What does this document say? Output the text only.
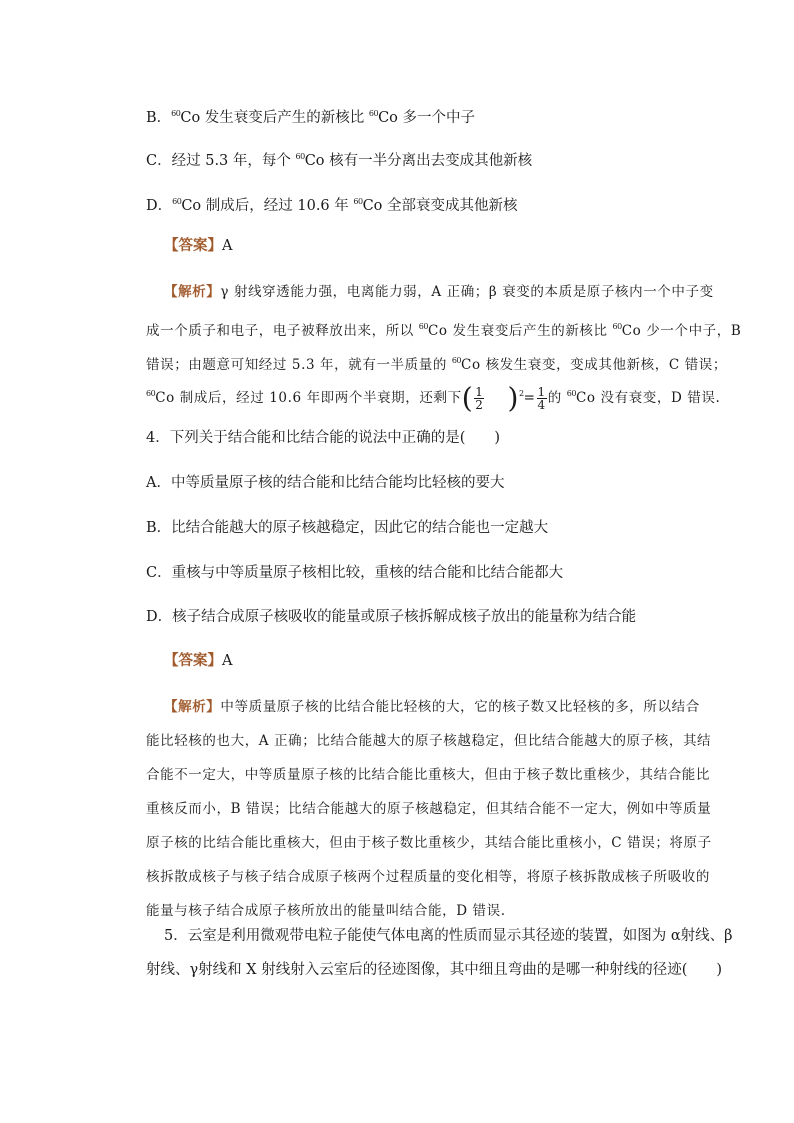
B．$^{60}$Co 发生衰变后产生的新核比 $^{60}$Co 多一个中子
C．经过 5.3 年，每个 $^{60}$Co 核有一半分离出去变成其他新核
D．$^{60}$Co 制成后，经过 10.6 年 $^{60}$Co 全部衰变成其他新核
【答案】A
【解析】γ 射线穿透能力强，电离能力弱，A 正确；β 衰变的本质是原子核内一个中子变
成一个质子和电子，电子被释放出来，所以 $^{60}$Co 发生衰变后产生的新核比 $^{60}$Co 少一个中子，B
错误；由题意可知经过 5.3 年，就有一半质量的 $^{60}$Co 核发生衰变，变成其他新核，C 错误；
$^{60}$Co 制成后，经过 10.6 年即两个半衰期，还剩下( $\frac{1}{2} )^2= \frac{1}{4}$ 的 $^{60}$Co 没有衰变，D 错误.
4．下列关于结合能和比结合能的说法中正确的是(　　)
A．中等质量原子核的结合能和比结合能均比轻核的要大
B．比结合能越大的原子核越稳定，因此它的结合能也一定越大
C．重核与中等质量原子核相比较，重核的结合能和比结合能都大
D．核子结合成原子核吸收的能量或原子核拆解成核子放出的能量称为结合能
【答案】A
【解析】中等质量原子核的比结合能比轻核的大，它的核子数又比轻核的多，所以结合
能比轻核的也大，A 正确；比结合能越大的原子核越稳定，但比结合能越大的原子核，其结
合能不一定大，中等质量原子核的比结合能比重核大，但由于核子数比重核少，其结合能比
重核反而小，B 错误；比结合能越大的原子核越稳定，但其结合能不一定大，例如中等质量
原子核的比结合能比重核大，但由于核子数比重核少，其结合能比重核小，C 错误；将原子
核拆散成核子与核子结合成原子核两个过程质量的变化相等，将原子核拆散成核子所吸收的
能量与核子结合成原子核所放出的能量叫结合能，D 错误.
5．云室是利用微观带电粒子能使气体电离的性质而显示其径迹的装置，如图为 α射线、β
射线、γ射线和 X 射线射入云室后的径迹图像，其中细且弯曲的是哪一种射线的径迹(　　)
